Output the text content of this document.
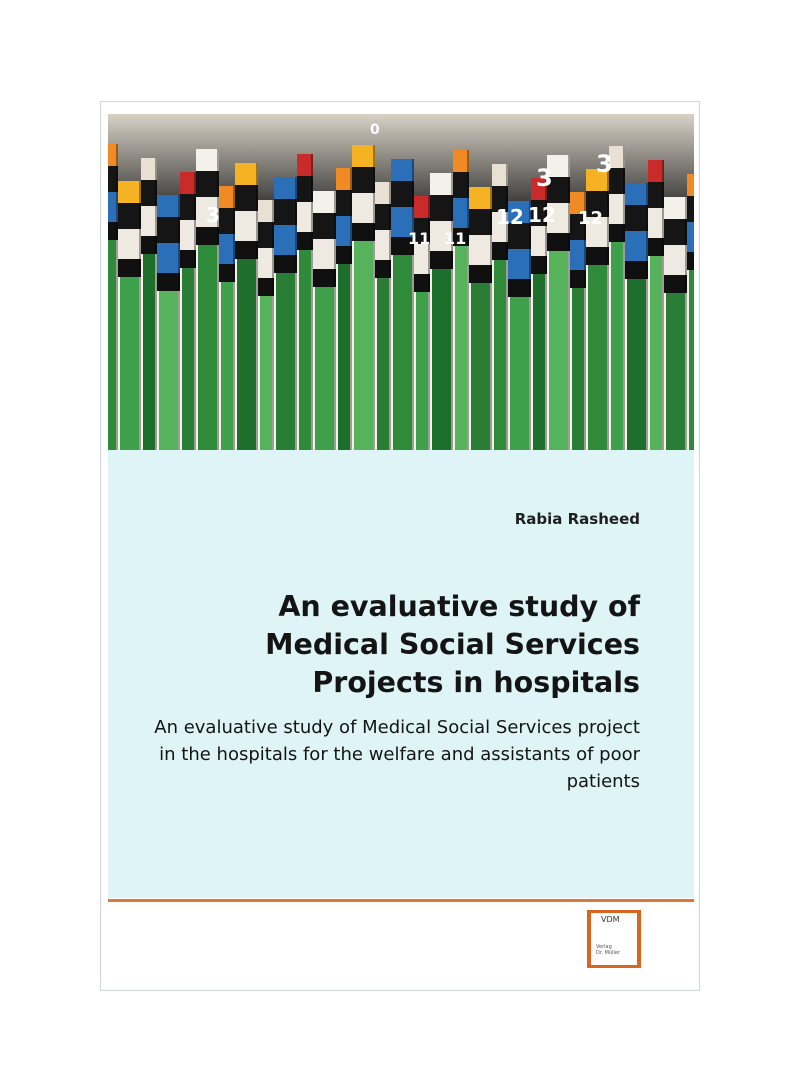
3
3 3
12 12 12
11 11
0
Rabia Rasheed
An evaluative study of Medical Social Services Projects in hospitals

An evaluative study of Medical Social Services project in the hospitals for the welfare and assistants of poor patients

VDM
Verlag
Dr. Müller
